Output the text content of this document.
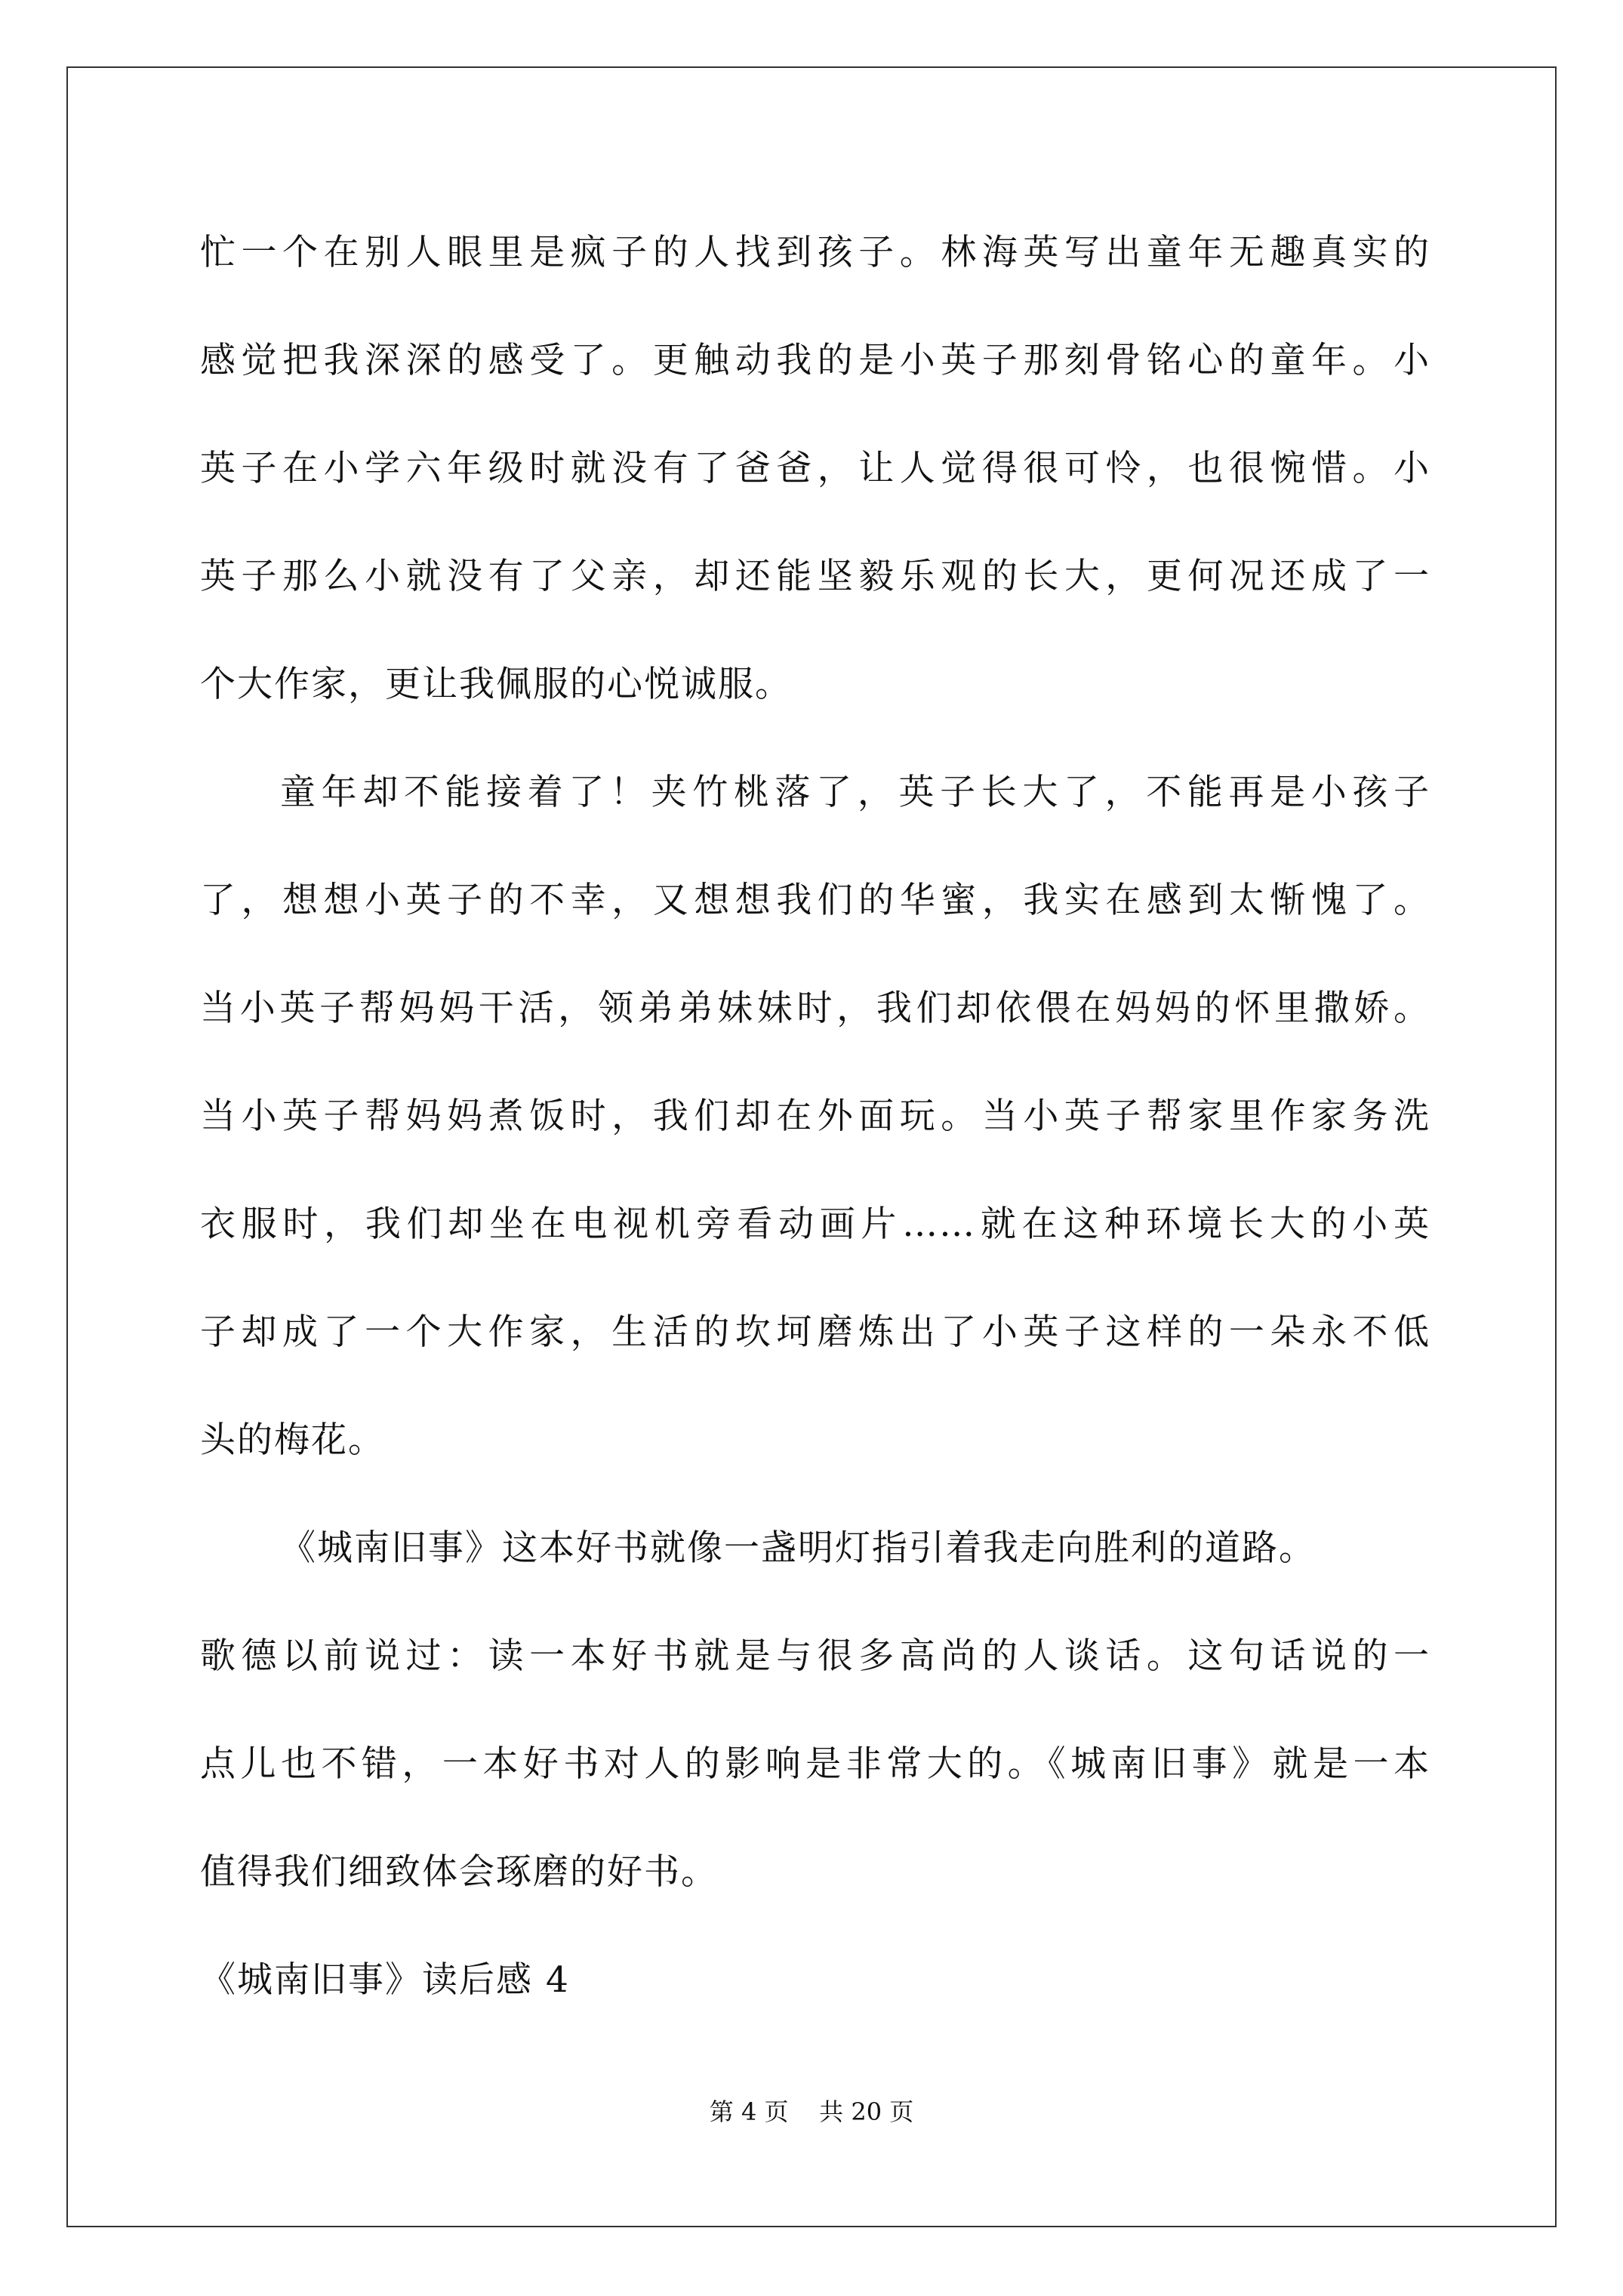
忙一个在别人眼里是疯子的人找到孩子。林海英写出童年无趣真实的
感觉把我深深的感受了。更触动我的是小英子那刻骨铭心的童年。小
英子在小学六年级时就没有了爸爸，让人觉得很可怜，也很惋惜。小
英子那么小就没有了父亲，却还能坚毅乐观的长大，更何况还成了一
个大作家，更让我佩服的心悦诚服。
童年却不能接着了！夹竹桃落了，英子长大了，不能再是小孩子
了，想想小英子的不幸，又想想我们的华蜜，我实在感到太惭愧了。
当小英子帮妈妈干活，领弟弟妹妹时，我们却依偎在妈妈的怀里撒娇。
当小英子帮妈妈煮饭时，我们却在外面玩。当小英子帮家里作家务洗
衣服时，我们却坐在电视机旁看动画片……就在这种环境长大的小英
子却成了一个大作家，生活的坎坷磨炼出了小英子这样的一朵永不低
头的梅花。
《城南旧事》这本好书就像一盏明灯指引着我走向胜利的道路。
歌德以前说过：读一本好书就是与很多高尚的人谈话。这句话说的一
点儿也不错，一本好书对人的影响是非常大的。《城南旧事》就是一本
值得我们细致体会琢磨的好书。
《城南旧事》读后感 4
第 4 页    共 20 页
